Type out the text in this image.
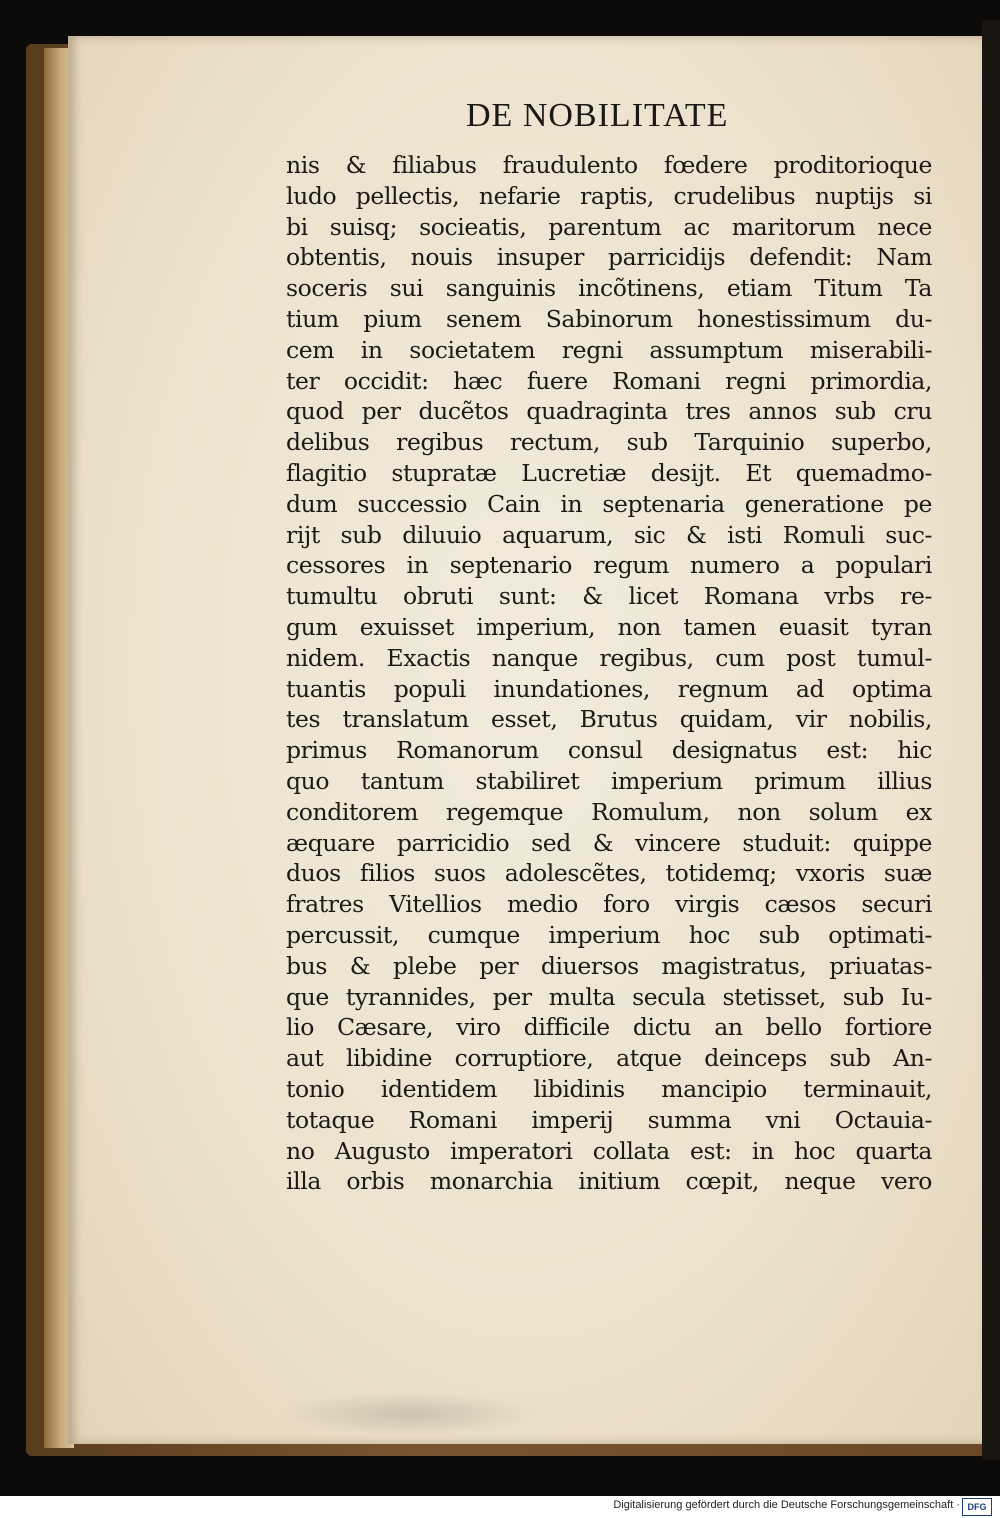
DE NOBILITATE
nis & filiabus fraudulento fœdere proditorioque
ludo pellectis, nefarie raptis, crudelibus nuptijs si
bi suisq; socieatis, parentum ac maritorum nece
obtentis, nouis insuper parricidijs defendit: Nam
soceris sui sanguinis incõtinens, etiam Titum Ta
tium pium senem Sabinorum honestissimum du-
cem in societatem regni assumptum miserabili-
ter occidit: hæc fuere Romani regni primordia,
quod per ducẽtos quadraginta tres annos sub cru
delibus regibus rectum, sub Tarquinio superbo,
flagitio stupratæ Lucretiæ desijt. Et quemadmo-
dum successio Cain in septenaria generatione pe
rijt sub diluuio aquarum, sic & isti Romuli suc-
cessores in septenario regum numero a populari
tumultu obruti sunt: & licet Romana vrbs re-
gum exuisset imperium, non tamen euasit tyran
nidem. Exactis nanque regibus, cum post tumul-
tuantis populi inundationes, regnum ad optima
tes translatum esset, Brutus quidam, vir nobilis,
primus Romanorum consul designatus est: hic
quo tantum stabiliret imperium primum illius
conditorem regemque Romulum, non solum ex
æquare parricidio sed & vincere studuit: quippe
duos filios suos adolescẽtes, totidemq; vxoris suæ
fratres Vitellios medio foro virgis cæsos securi
percussit, cumque imperium hoc sub optimati-
bus & plebe per diuersos magistratus, priuatas-
que tyrannides, per multa secula stetisset, sub Iu-
lio Cæsare, viro difficile dictu an bello fortiore
aut libidine corruptiore, atque deinceps sub An-
tonio identidem libidinis mancipio terminauit,
totaque Romani imperij summa vni Octauia-
no Augusto imperatori collata est: in hoc quarta
illa orbis monarchia initium cœpit, neque vero
Digitalisierung gefördert durch die Deutsche Forschungsgemeinschaft · DFG
